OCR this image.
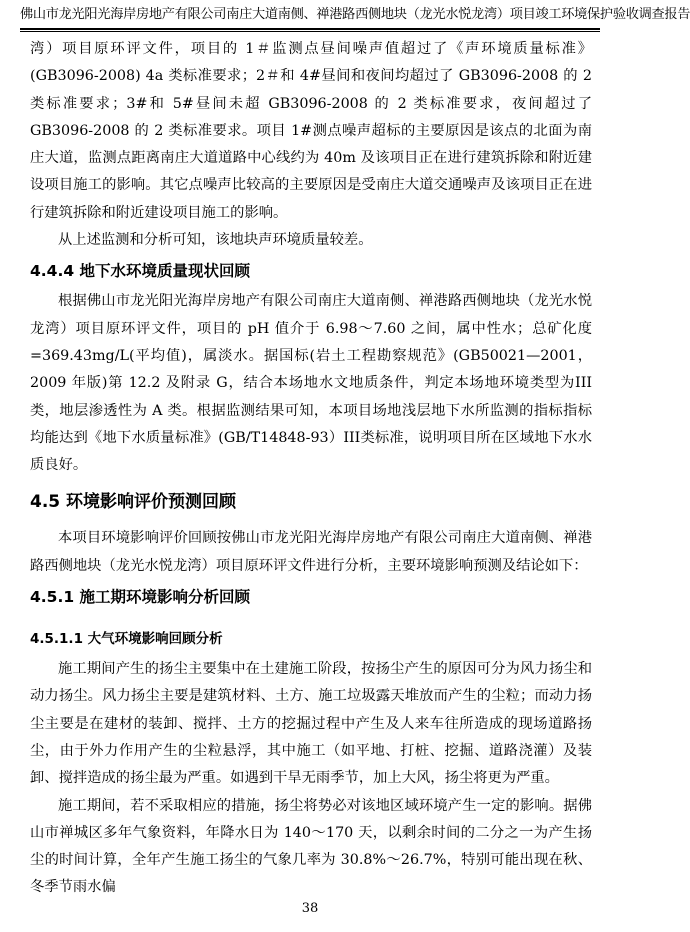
佛山市龙光阳光海岸房地产有限公司南庄大道南侧、禅港路西侧地块（龙光水悦龙湾）项目竣工环境保护验收调查报告

湾）项目原环评文件，项目的 1＃监测点昼间噪声值超过了《声环境质量标准》(GB3096-2008) 4a 类标准要求；2＃和 4#昼间和夜间均超过了 GB3096-2008 的 2 类标准要求；3#和 5#昼间未超 GB3096-2008 的 2 类标准要求，夜间超过了 GB3096-2008 的 2 类标准要求。项目 1#测点噪声超标的主要原因是该点的北面为南庄大道，监测点距离南庄大道道路中心线约为 40m 及该项目正在进行建筑拆除和附近建设项目施工的影响。其它点噪声比较高的主要原因是受南庄大道交通噪声及该项目正在进行建筑拆除和附近建设项目施工的影响。

从上述监测和分析可知，该地块声环境质量较差。

4.4.4 地下水环境质量现状回顾

根据佛山市龙光阳光海岸房地产有限公司南庄大道南侧、禅港路西侧地块（龙光水悦龙湾）项目原环评文件，项目的 pH 值介于 6.98～7.60 之间，属中性水；总矿化度=369.43mg/L(平均值)，属淡水。据国标(岩土工程勘察规范》(GB50021—2001，2009 年版)第 12.2 及附录 G，结合本场地水文地质条件，判定本场地环境类型为III类，地层渗透性为 A 类。根据监测结果可知，本项目场地浅层地下水所监测的指标指标均能达到《地下水质量标准》(GB/T14848-93）III类标准，说明项目所在区域地下水水质良好。

4.5 环境影响评价预测回顾

本项目环境影响评价回顾按佛山市龙光阳光海岸房地产有限公司南庄大道南侧、禅港路西侧地块（龙光水悦龙湾）项目原环评文件进行分析，主要环境影响预测及结论如下：

4.5.1 施工期环境影响分析回顾
4.5.1.1 大气环境影响回顾分析

施工期间产生的扬尘主要集中在土建施工阶段，按扬尘产生的原因可分为风力扬尘和动力扬尘。风力扬尘主要是建筑材料、土方、施工垃圾露天堆放而产生的尘粒；而动力扬尘主要是在建材的装卸、搅拌、土方的挖掘过程中产生及人来车往所造成的现场道路扬尘，由于外力作用产生的尘粒悬浮，其中施工（如平地、打桩、挖掘、道路浇灌）及装卸、搅拌造成的扬尘最为严重。如遇到干旱无雨季节，加上大风，扬尘将更为严重。

施工期间，若不采取相应的措施，扬尘将势必对该地区域环境产生一定的影响。据佛山市禅城区多年气象资料，年降水日为 140～170 天，以剩余时间的二分之一为产生扬尘的时间计算，全年产生施工扬尘的气象几率为 30.8%～26.7%，特别可能出现在秋、冬季节雨水偏

38
